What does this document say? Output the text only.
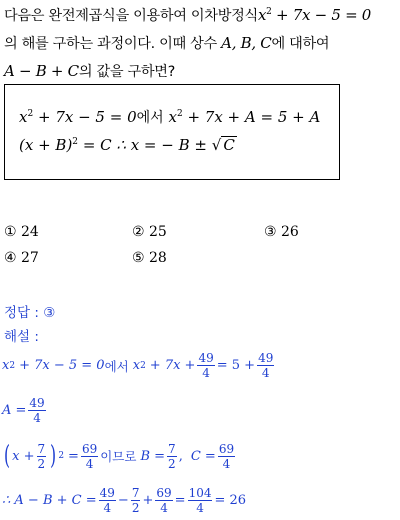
다음은 완전제곱식을 이용하여 이차방정식$x^2 + 7x - 5 = 0$
의 해를 구하는 과정이다. 이때 상수 A, B, C에 대하여
A − B + C의 값을 구하면?
$x^2 + 7x - 5 = 0$에서 $x^2 + 7x + A = 5 + A$
$(x + B)^2 = C$ ∴ x = − B ± √ C
① 24	② 25	③ 26
④ 27	⑤ 28
정답 : ③
해설 :
x 2 + 7x − 5 = 0 에서 x $2 + 7x + \frac{49}{4} = 5 + \frac{49}{4}$
$A = \frac{49}{4}$
( $x + \frac{7}{2}$ ) $2 = \frac{69}{4}$ 이므로 $B = \frac{7}{2}$ , $C = \frac{69}{4}$
∴ $A - B + C = \frac{49}{4} - \frac{7}{2} + \frac{69}{4} = \frac{104}{4} = 26$
